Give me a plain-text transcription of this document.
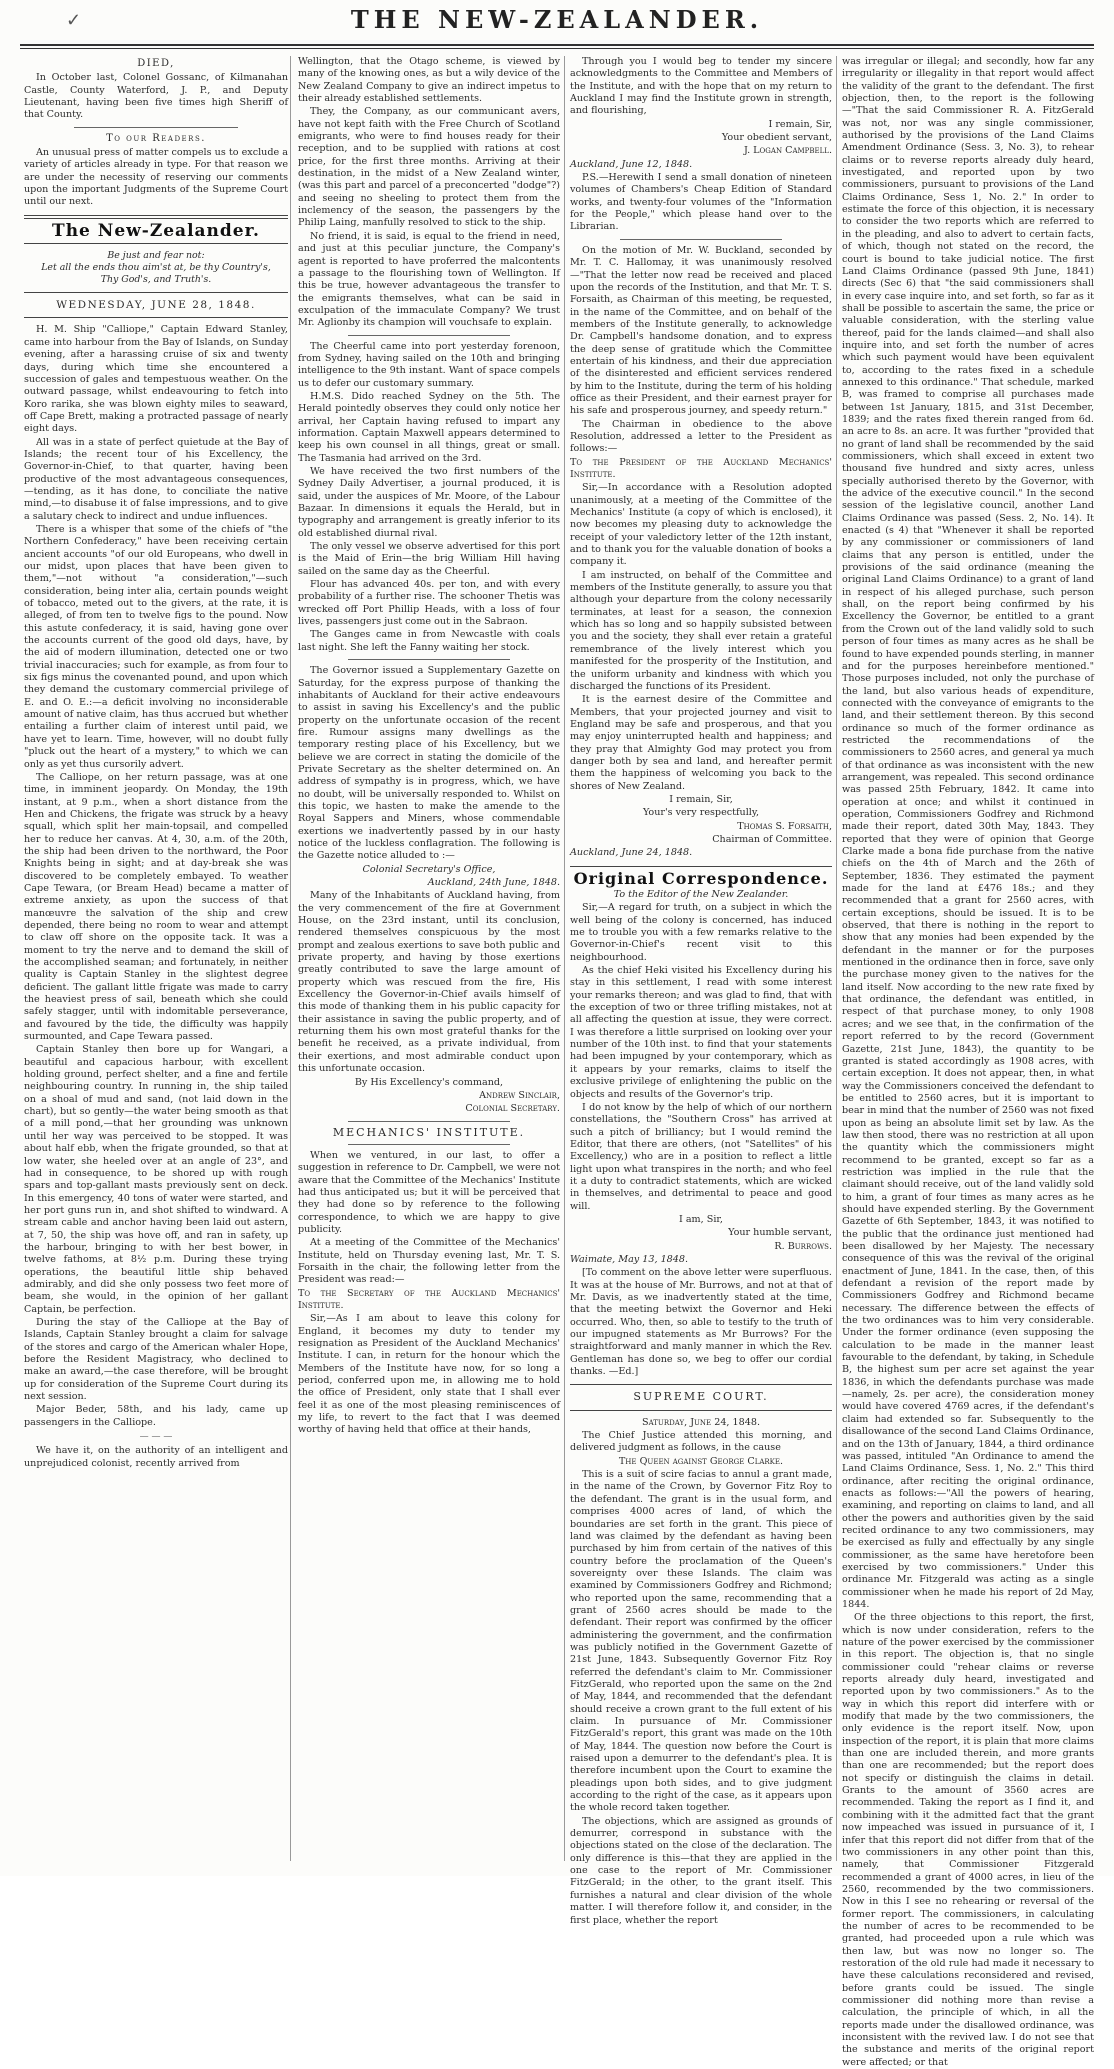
✓	THE NEW-ZEALANDER.
DIED,

In October last, Colonel Gossanc, of Kilmanahan Castle, County Waterford, J. P., and Deputy Lieutenant, having been five times high Sheriff of that County.

To our Readers.

An unusual press of matter compels us to exclude a variety of articles already in type. For that reason we are under the necessity of reserving our comments upon the important Judgments of the Supreme Court until our next.

The New-Zealander.
Be just and fear not:
Let all the ends thou aim'st at, be thy Country's,
Thy God's, and Truth's.
WEDNESDAY, JUNE 28, 1848.

H. M. Ship "Calliope," Captain Edward Stanley, came into harbour from the Bay of Islands, on Sunday evening, after a harassing cruise of six and twenty days, during which time she encountered a succession of gales and tempestuous weather. On the outward passage, whilst endeavouring to fetch into Koro rarika, she was blown eighty miles to seaward, off Cape Brett, making a protracted passage of nearly eight days.

All was in a state of perfect quietude at the Bay of Islands; the recent tour of his Excellency, the Governor-in-Chief, to that quarter, having been productive of the most advantageous consequences,—tending, as it has done, to conciliate the native mind,—to disabuse it of false impressions, and to give a salutary check to indirect and undue influences.

There is a whisper that some of the chiefs of "the Northern Confederacy," have been receiving certain ancient accounts "of our old Europeans, who dwell in our midst, upon places that have been given to them,"—not without "a consideration,"—such consideration, being inter alia, certain pounds weight of tobacco, meted out to the givers, at the rate, it is alleged, of from ten to twelve figs to the pound. Now this astute confederacy, it is said, having gone over the accounts current of the good old days, have, by the aid of modern illumination, detected one or two trivial inaccuracies; such for example, as from four to six figs minus the covenanted pound, and upon which they demand the customary commercial privilege of E. and O. E.:—a deficit involving no inconsiderable amount of native claim, has thus accrued but whether entailing a further claim of interest until paid, we have yet to learn. Time, however, will no doubt fully "pluck out the heart of a mystery," to which we can only as yet thus cursorily advert.

The Calliope, on her return passage, was at one time, in imminent jeopardy. On Monday, the 19th instant, at 9 p.m., when a short distance from the Hen and Chickens, the frigate was struck by a heavy squall, which split her main-topsail, and compelled her to reduce her canvas. At 4, 30, a.m. of the 20th, the ship had been driven to the northward, the Poor Knights being in sight; and at day-break she was discovered to be completely embayed. To weather Cape Tewara, (or Bream Head) became a matter of extreme anxiety, as upon the success of that manœuvre the salvation of the ship and crew depended, there being no room to wear and attempt to claw off shore on the opposite tack. It was a moment to try the nerve and to demand the skill of the accomplished seaman; and fortunately, in neither quality is Captain Stanley in the slightest degree deficient. The gallant little frigate was made to carry the heaviest press of sail, beneath which she could safely stagger, until with indomitable perseverance, and favoured by the tide, the difficulty was happily surmounted, and Cape Tewara passed.

Captain Stanley then bore up for Wangari, a beautiful and capacious harbour, with excellent holding ground, perfect shelter, and a fine and fertile neighbouring country. In running in, the ship tailed on a shoal of mud and sand, (not laid down in the chart), but so gently—the water being smooth as that of a mill pond,—that her grounding was unknown until her way was perceived to be stopped. It was about half ebb, when the frigate grounded, so that at low water, she heeled over at an angle of 23°, and had in consequence, to be shored up with rough spars and top-gallant masts previously sent on deck. In this emergency, 40 tons of water were started, and her port guns run in, and shot shifted to windward. A stream cable and anchor having been laid out astern, at 7, 50, the ship was hove off, and ran in safety, up the harbour, bringing to with her best bower, in twelve fathoms, at 8½ p.m. During these trying operations, the beautiful little ship behaved admirably, and did she only possess two feet more of beam, she would, in the opinion of her gallant Captain, be perfection.

During the stay of the Calliope at the Bay of Islands, Captain Stanley brought a claim for salvage of the stores and cargo of the American whaler Hope, before the Resident Magistracy, who declined to make an award,—the case therefore, will be brought up for consideration of the Supreme Court during its next session.

Major Beder, 58th, and his lady, came up passengers in the Calliope.

— — —

We have it, on the authority of an intelligent and unprejudiced colonist, recently arrived from

Wellington, that the Otago scheme, is viewed by many of the knowing ones, as but a wily device of the New Zealand Company to give an indirect impetus to their already established settlements.

They, the Company, as our communicant avers, have not kept faith with the Free Church of Scotland emigrants, who were to find houses ready for their reception, and to be supplied with rations at cost price, for the first three months. Arriving at their destination, in the midst of a New Zealand winter, (was this part and parcel of a preconcerted "dodge"?) and seeing no sheeling to protect them from the inclemency of the season, the passengers by the Philip Laing, manfully resolved to stick to the ship.

No friend, it is said, is equal to the friend in need, and just at this peculiar juncture, the Company's agent is reported to have proferred the malcontents a passage to the flourishing town of Wellington. If this be true, however advantageous the transfer to the emigrants themselves, what can be said in exculpation of the immaculate Company? We trust Mr. Aglionby its champion will vouchsafe to explain.

The Cheerful came into port yesterday forenoon, from Sydney, having sailed on the 10th and bringing intelligence to the 9th instant. Want of space compels us to defer our customary summary.

H.M.S. Dido reached Sydney on the 5th. The Herald pointedly observes they could only notice her arrival, her Captain having refused to impart any information. Captain Maxwell appears determined to keep his own counsel in all things, great or small. The Tasmania had arrived on the 3rd.

We have received the two first numbers of the Sydney Daily Advertiser, a journal produced, it is said, under the auspices of Mr. Moore, of the Labour Bazaar. In dimensions it equals the Herald, but in typography and arrangement is greatly inferior to its old established diurnal rival.

The only vessel we observe advertised for this port is the Maid of Erin—the brig William Hill having sailed on the same day as the Cheerful.

Flour has advanced 40s. per ton, and with every probability of a further rise. The schooner Thetis was wrecked off Port Phillip Heads, with a loss of four lives, passengers just come out in the Sabraon.

The Ganges came in from Newcastle with coals last night. She left the Fanny waiting her stock.

The Governor issued a Supplementary Gazette on Saturday, for the express purpose of thanking the inhabitants of Auckland for their active endeavours to assist in saving his Excellency's and the public property on the unfortunate occasion of the recent fire. Rumour assigns many dwellings as the temporary resting place of his Excellency, but we believe we are correct in stating the domicile of the Private Secretary as the shelter determined on. An address of sympathy is in progress, which, we have no doubt, will be universally responded to. Whilst on this topic, we hasten to make the amende to the Royal Sappers and Miners, whose commendable exertions we inadvertently passed by in our hasty notice of the luckless conflagration. The following is the Gazette notice alluded to :—

Colonial Secretary's Office,

Auckland, 24th June, 1848.

Many of the Inhabitants of Auckland having, from the very commencement of the fire at Government House, on the 23rd instant, until its conclusion, rendered themselves conspicuous by the most prompt and zealous exertions to save both public and private property, and having by those exertions greatly contributed to save the large amount of property which was rescued from the fire, His Excellency the Governor-in-Chief avails himself of this mode of thanking them in his public capacity for their assistance in saving the public property, and of returning them his own most grateful thanks for the benefit he received, as a private individual, from their exertions, and most admirable conduct upon this unfortunate occasion.

By His Excellency's command,

Andrew Sinclair,

Colonial Secretary.

MECHANICS' INSTITUTE.

When we ventured, in our last, to offer a suggestion in reference to Dr. Campbell, we were not aware that the Committee of the Mechanics' Institute had thus anticipated us; but it will be perceived that they had done so by reference to the following correspondence, to which we are happy to give publicity.

At a meeting of the Committee of the Mechanics' Institute, held on Thursday evening last, Mr. T. S. Forsaith in the chair, the following letter from the President was read:—

To the Secretary of the Auckland Mechanics' Institute.

Sir,—As I am about to leave this colony for England, it becomes my duty to tender my resignation as President of the Auckland Mechanics' Institute. I can, in return for the honour which the Members of the Institute have now, for so long a period, conferred upon me, in allowing me to hold the office of President, only state that I shall ever feel it as one of the most pleasing reminiscences of my life, to revert to the fact that I was deemed worthy of having held that office at their hands,

Through you I would beg to tender my sincere acknowledgments to the Committee and Members of the Institute, and with the hope that on my return to Auckland I may find the Institute grown in strength, and flourishing,

I remain, Sir,

Your obedient servant,

J. Logan Campbell.

Auckland, June 12, 1848.

P.S.—Herewith I send a small donation of nineteen volumes of Chambers's Cheap Edition of Standard works, and twenty-four volumes of the "Information for the People," which please hand over to the Librarian.

On the motion of Mr. W. Buckland, seconded by Mr. T. C. Hallomay, it was unanimously resolved—"That the letter now read be received and placed upon the records of the Institution, and that Mr. T. S. Forsaith, as Chairman of this meeting, be requested, in the name of the Committee, and on behalf of the members of the Institute generally, to acknowledge Dr. Campbell's handsome donation, and to express the deep sense of gratitude which the Committee entertain of his kindness, and their due appreciation of the disinterested and efficient services rendered by him to the Institute, during the term of his holding office as their President, and their earnest prayer for his safe and prosperous journey, and speedy return."

The Chairman in obedience to the above Resolution, addressed a letter to the President as follows:—

To the President of the Auckland Mechanics' Institute.

Sir,—In accordance with a Resolution adopted unanimously, at a meeting of the Committee of the Mechanics' Institute (a copy of which is enclosed), it now becomes my pleasing duty to acknowledge the receipt of your valedictory letter of the 12th instant, and to thank you for the valuable donation of books a company it.

I am instructed, on behalf of the Committee and members of the Institute generally, to assure you that although your departure from the colony necessarily terminates, at least for a season, the connexion which has so long and so happily subsisted between you and the society, they shall ever retain a grateful remembrance of the lively interest which you manifested for the prosperity of the Institution, and the uniform urbanity and kindness with which you discharged the functions of its President.

It is the earnest desire of the Committee and Members, that your projected journey and visit to England may be safe and prosperous, and that you may enjoy uninterrupted health and happiness; and they pray that Almighty God may protect you from danger both by sea and land, and hereafter permit them the happiness of welcoming you back to the shores of New Zealand.

I remain, Sir,

Your's very respectfully,

Thomas S. Forsaith,

Chairman of Committee.

Auckland, June 24, 1848.

Original Correspondence.

To the Editor of the New Zealander.

Sir,—A regard for truth, on a subject in which the well being of the colony is concerned, has induced me to trouble you with a few remarks relative to the Governor-in-Chief's recent visit to this neighbourhood.

As the chief Heki visited his Excellency during his stay in this settlement, I read with some interest your remarks thereon; and was glad to find, that with the exception of two or three trifling mistakes, not at all affecting the question at issue, they were correct. I was therefore a little surprised on looking over your number of the 10th inst. to find that your statements had been impugned by your contemporary, which as it appears by your remarks, claims to itself the exclusive privilege of enlightening the public on the objects and results of the Governor's trip.

I do not know by the help of which of our northern constellations, the "Southern Cross" has arrived at such a pitch of brilliancy; but I would remind the Editor, that there are others, (not "Satellites" of his Excellency,) who are in a position to reflect a little light upon what transpires in the north; and who feel it a duty to contradict statements, which are wicked in themselves, and detrimental to peace and good will.

I am, Sir,

Your humble servant,

R. Burrows.

Waimate, May 13, 1848.

[To comment on the above letter were superfluous. It was at the house of Mr. Burrows, and not at that of Mr. Davis, as we inadvertently stated at the time, that the meeting betwixt the Governor and Heki occurred. Who, then, so able to testify to the truth of our impugned statements as Mr Burrows? For the straightforward and manly manner in which the Rev. Gentleman has done so, we beg to offer our cordial thanks. —Ed.]

SUPREME COURT.

Saturday, June 24, 1848.

The Chief Justice attended this morning, and delivered judgment as follows, in the cause

The Queen against George Clarke.

This is a suit of scire facias to annul a grant made, in the name of the Crown, by Governor Fitz Roy to the defendant. The grant is in the usual form, and comprises 4000 acres of land, of which the boundaries are set forth in the grant. This piece of land was claimed by the defendant as having been purchased by him from certain of the natives of this country before the proclamation of the Queen's sovereignty over these Islands. The claim was examined by Commissioners Godfrey and Richmond; who reported upon the same, recommending that a grant of 2560 acres should be made to the defendant. Their report was confirmed by the officer administering the government, and the confirmation was publicly notified in the Government Gazette of 21st June, 1843. Subsequently Governor Fitz Roy referred the defendant's claim to Mr. Commissioner FitzGerald, who reported upon the same on the 2nd of May, 1844, and recommended that the defendant should receive a crown grant to the full extent of his claim. In pursuance of Mr. Commissioner FitzGerald's report, this grant was made on the 10th of May, 1844. The question now before the Court is raised upon a demurrer to the defendant's plea. It is therefore incumbent upon the Court to examine the pleadings upon both sides, and to give judgment according to the right of the case, as it appears upon the whole record taken together.

The objections, which are assigned as grounds of demurrer, correspond in substance with the objections stated on the close of the declaration. The only difference is this—that they are applied in the one case to the report of Mr. Commissioner FitzGerald; in the other, to the grant itself. This furnishes a natural and clear division of the whole matter. I will therefore follow it, and consider, in the first place, whether the report

was irregular or illegal; and secondly, how far any irregularity or illegality in that report would affect the validity of the grant to the defendant. The first objection, then, to the report is the following—"That the said Commissioner R. A. FitzGerald was not, nor was any single commissioner, authorised by the provisions of the Land Claims Amendment Ordinance (Sess. 3, No. 3), to rehear claims or to reverse reports already duly heard, investigated, and reported upon by two commissioners, pursuant to provisions of the Land Claims Ordinance, Sess 1, No. 2." In order to estimate the force of this objection, it is necessary to consider the two reports which are referred to in the pleading, and also to advert to certain facts, of which, though not stated on the record, the court is bound to take judicial notice. The first Land Claims Ordinance (passed 9th June, 1841) directs (Sec 6) that "the said commissioners shall in every case inquire into, and set forth, so far as it shall be possible to ascertain the same, the price or valuable consideration, with the sterling value thereof, paid for the lands claimed—and shall also inquire into, and set forth the number of acres which such payment would have been equivalent to, according to the rates fixed in a schedule annexed to this ordinance." That schedule, marked B, was framed to comprise all purchases made between 1st January, 1815, and 31st December, 1839; and the rates fixed therein ranged from 6d. an acre to 8s. an acre. It was further "provided that no grant of land shall be recommended by the said commissioners, which shall exceed in extent two thousand five hundred and sixty acres, unless specially authorised thereto by the Governor, with the advice of the executive council." In the second session of the legislative council, another Land Claims Ordinance was passed (Sess. 2, No. 14). It enacted (s 4) that "Whenever it shall be reported by any commissioner or commissioners of land claims that any person is entitled, under the provisions of the said ordinance (meaning the original Land Claims Ordinance) to a grant of land in respect of his alleged purchase, such person shall, on the report being confirmed by his Excellency the Governor, be entitled to a grant from the Crown out of the land validly sold to such person of four times as many acres as he shall be found to have expended pounds sterling, in manner and for the purposes hereinbefore mentioned." Those purposes included, not only the purchase of the land, but also various heads of expenditure, connected with the conveyance of emigrants to the land, and their settlement thereon. By this second ordinance so much of the former ordinance as restricted the recommendations of the commissioners to 2560 acres, and general ya much of that ordinance as was inconsistent with the new arrangement, was repealed. This second ordinance was passed 25th February, 1842. It came into operation at once; and whilst it continued in operation, Commissioners Godfrey and Richmond made their report, dated 30th May, 1843. They reported that they were of opinion that George Clarke made a bona fide purchase from the native chiefs on the 4th of March and the 26th of September, 1836. They estimated the payment made for the land at £476 18s.; and they recommended that a grant for 2560 acres, with certain exceptions, should be issued. It is to be observed, that there is nothing in the report to show that any monies had been expended by the defendant in the manner or for the purposes mentioned in the ordinance then in force, save only the purchase money given to the natives for the land itself. Now according to the new rate fixed by that ordinance, the defendant was entitled, in respect of that purchase money, to only 1908 acres; and we see that, in the confirmation of the report referred to by the record (Government Gazette, 21st June, 1843), the quantity to be granted is stated accordingly as 1908 acres, with certain exception. It does not appear, then, in what way the Commissioners conceived the defendant to be entitled to 2560 acres, but it is important to bear in mind that the number of 2560 was not fixed upon as being an absolute limit set by law. As the law then stood, there was no restriction at all upon the quantity which the commissioners might recommend to be granted, except so far as a restriction was implied in the rule that the claimant should receive, out of the land validly sold to him, a grant of four times as many acres as he should have expended sterling. By the Government Gazette of 6th September, 1843, it was notified to the public that the ordinance just mentioned had been disallowed by her Majesty. The necessary consequence of this was the revival of the original enactment of June, 1841. In the case, then, of this defendant a revision of the report made by Commissioners Godfrey and Richmond became necessary. The difference between the effects of the two ordinances was to him very considerable. Under the former ordinance (even supposing the calculation to be made in the manner least favourable to the defendant, by taking, in Schedule B, the highest sum per acre set against the year 1836, in which the defendants purchase was made—namely, 2s. per acre), the consideration money would have covered 4769 acres, if the defendant's claim had extended so far. Subsequently to the disallowance of the second Land Claims Ordinance, and on the 13th of January, 1844, a third ordinance was passed, intituled "An Ordinance to amend the Land Claims Ordinance, Sess. 1, No. 2." This third ordinance, after reciting the original ordinance, enacts as follows:—"All the powers of hearing, examining, and reporting on claims to land, and all other the powers and authorities given by the said recited ordinance to any two commissioners, may be exercised as fully and effectually by any single commissioner, as the same have heretofore been exercised by two commissioners." Under this ordinance Mr. Fitzgerald was acting as a single commissioner when he made his report of 2d May, 1844.

Of the three objections to this report, the first, which is now under consideration, refers to the nature of the power exercised by the commissioner in this report. The objection is, that no single commissioner could "rehear claims or reverse reports already duly heard, investigated and reported upon by two commissioners." As to the way in which this report did interfere with or modify that made by the two commissioners, the only evidence is the report itself. Now, upon inspection of the report, it is plain that more claims than one are included therein, and more grants than one are recommended; but the report does not specify or distinguish the claims in detail. Grants to the amount of 3560 acres are recommended. Taking the report as I find it, and combining with it the admitted fact that the grant now impeached was issued in pursuance of it, I infer that this report did not differ from that of the two commissioners in any other point than this, namely, that Commissioner Fitzgerald recommended a grant of 4000 acres, in lieu of the 2560, recommended by the two commissioners. Now in this I see no rehearing or reversal of the former report. The commissioners, in calculating the number of acres to be recommended to be granted, had proceeded upon a rule which was then law, but was now no longer so. The restoration of the old rule had made it necessary to have these calculations reconsidered and revised, before grants could be issued. The single commissioner did nothing more than revise a calculation, the principle of which, in all the reports made under the disallowed ordinance, was inconsistent with the revived law. I do not see that the substance and merits of the original report were affected; or that
